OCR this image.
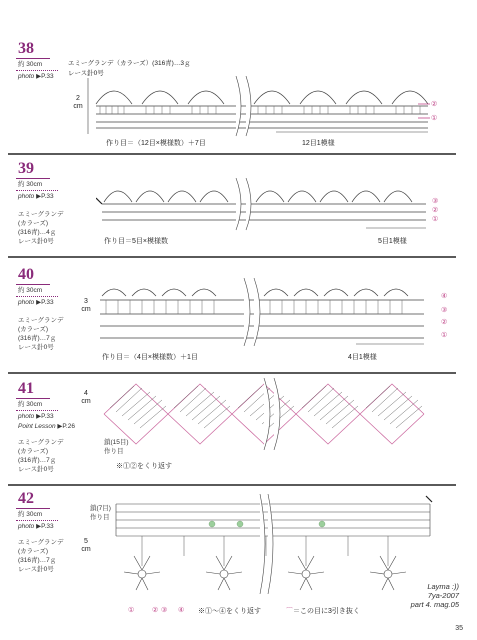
38
約 30cm
photo ▶P.33
エミーグランデ（カラーズ）(316青)…3ｇ
レース針0号
2
cm	②
①
作り目＝（12目×模様数）＋7目	12目1模様
39
約 30cm
photo ▶P.33
エミーグランデ
(カラーズ)
(316青)…4ｇ
レース針0号
③
②
①
作り目＝5目×模様数	5目1模様
40
約 30cm
photo ▶P.33
エミーグランデ
(カラーズ)
(316青)…7ｇ
レース針0号
3
cm
④
③
②
①
作り目＝（4目×模様数）＋1目	4目1模様
41
約 30cm
photo ▶P.33
Point Lesson ▶P.26
エミーグランデ
(カラーズ)
(316青)…7ｇ
レース針0号
4
cm
鎖(15目)
作り目
※①②をくり返す
42
約 30cm
photo ▶P.33
エミーグランデ
(カラーズ)
(316青)…7ｇ
レース針0号
5
cm
鎖(7目)
作り目
①	② ③ ④ ※①〜④をくり返す	⌒＝この目に3引き抜く
Layma :))
7ya-2007
part 4. mag.05
35
